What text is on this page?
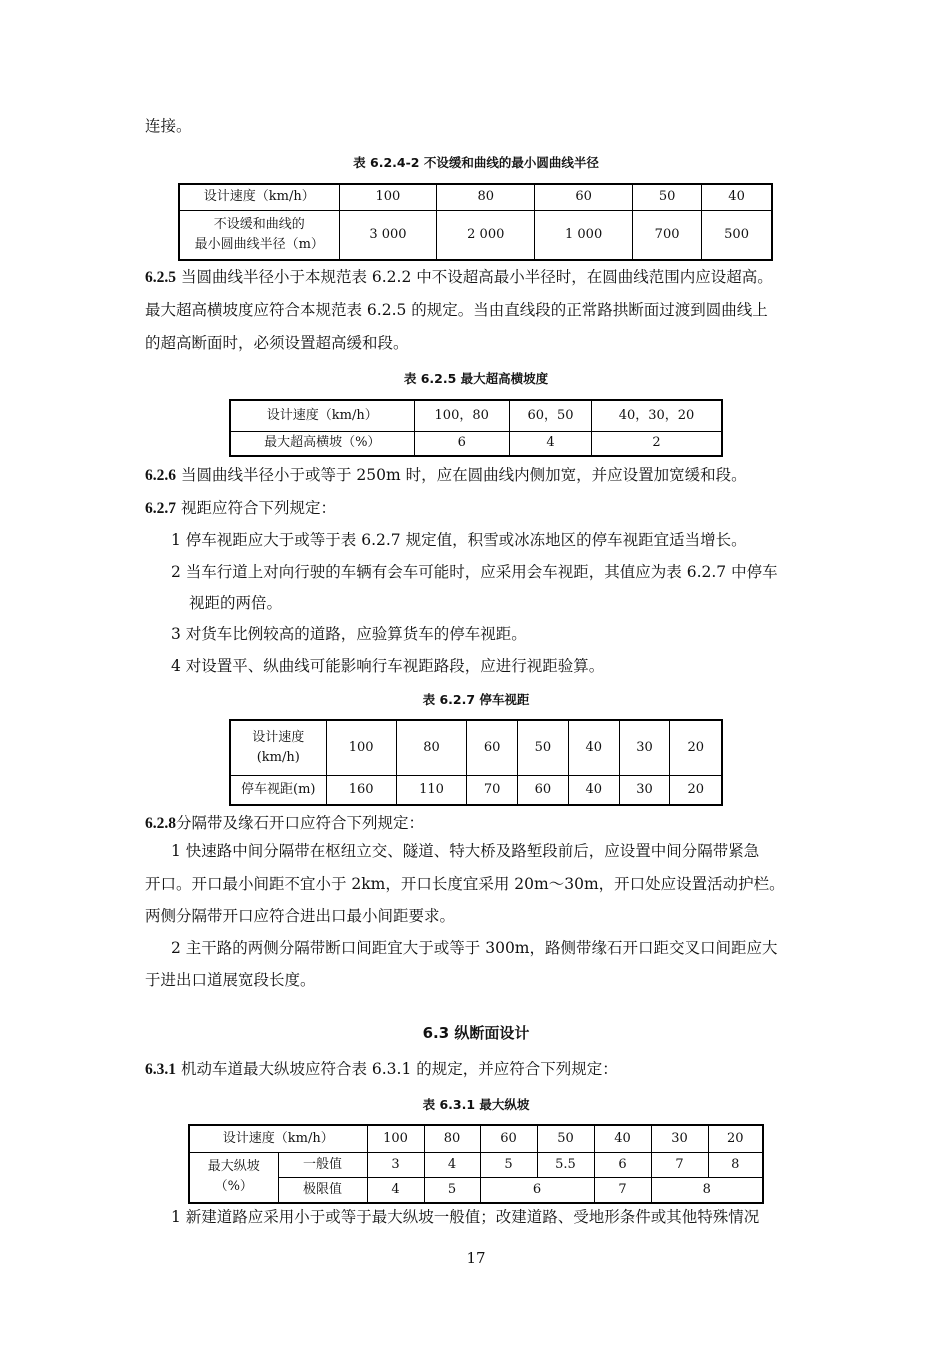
连接。
表 6.2.4-2 不设缓和曲线的最小圆曲线半径
设计速度（km/h）	100	80	60	50	40

不设缓和曲线的
最小圆曲线半径（m）	3 000	2 000	1 000	700	500
6.2.5 当圆曲线半径小于本规范表 6.2.2 中不设超高最小半径时，在圆曲线范围内应设超高。
最大超高横坡度应符合本规范表 6.2.5 的规定。当由直线段的正常路拱断面过渡到圆曲线上
的超高断面时，必须设置超高缓和段。
表 6.2.5 最大超高横坡度
设计速度（km/h）	100，80	60，50	40，30，20
最大超高横坡（%）	6	4	2
6.2.6 当圆曲线半径小于或等于 250m 时，应在圆曲线内侧加宽，并应设置加宽缓和段。
6.2.7 视距应符合下列规定：
1 停车视距应大于或等于表 6.2.7 规定值，积雪或冰冻地区的停车视距宜适当增长。
2 当车行道上对向行驶的车辆有会车可能时，应采用会车视距，其值应为表 6.2.7 中停车
视距的两倍。
3 对货车比例较高的道路，应验算货车的停车视距。
4 对设置平、纵曲线可能影响行车视距路段，应进行视距验算。
表 6.2.7 停车视距
设计速度
(km/h)	100	80	60	50	40	30	20
停车视距(m)	160	110	70	60	40	30	20
6.2.8分隔带及缘石开口应符合下列规定：
1 快速路中间分隔带在枢纽立交、隧道、特大桥及路堑段前后，应设置中间分隔带紧急
开口。开口最小间距不宜小于 2km，开口长度宜采用 20m～30m，开口处应设置活动护栏。
两侧分隔带开口应符合进出口最小间距要求。
2 主干路的两侧分隔带断口间距宜大于或等于 300m，路侧带缘石开口距交叉口间距应大
于进出口道展宽段长度。
6.3 纵断面设计
6.3.1 机动车道最大纵坡应符合表 6.3.1 的规定，并应符合下列规定：
表 6.3.1 最大纵坡
设计速度（km/h）		100	80	60	50	40	30	20

最大纵坡
（%）	一般值	3	4	5	5.5	6	7	8
	极限值	4	5	6		7	8	
1 新建道路应采用小于或等于最大纵坡一般值；改建道路、受地形条件或其他特殊情况
17
